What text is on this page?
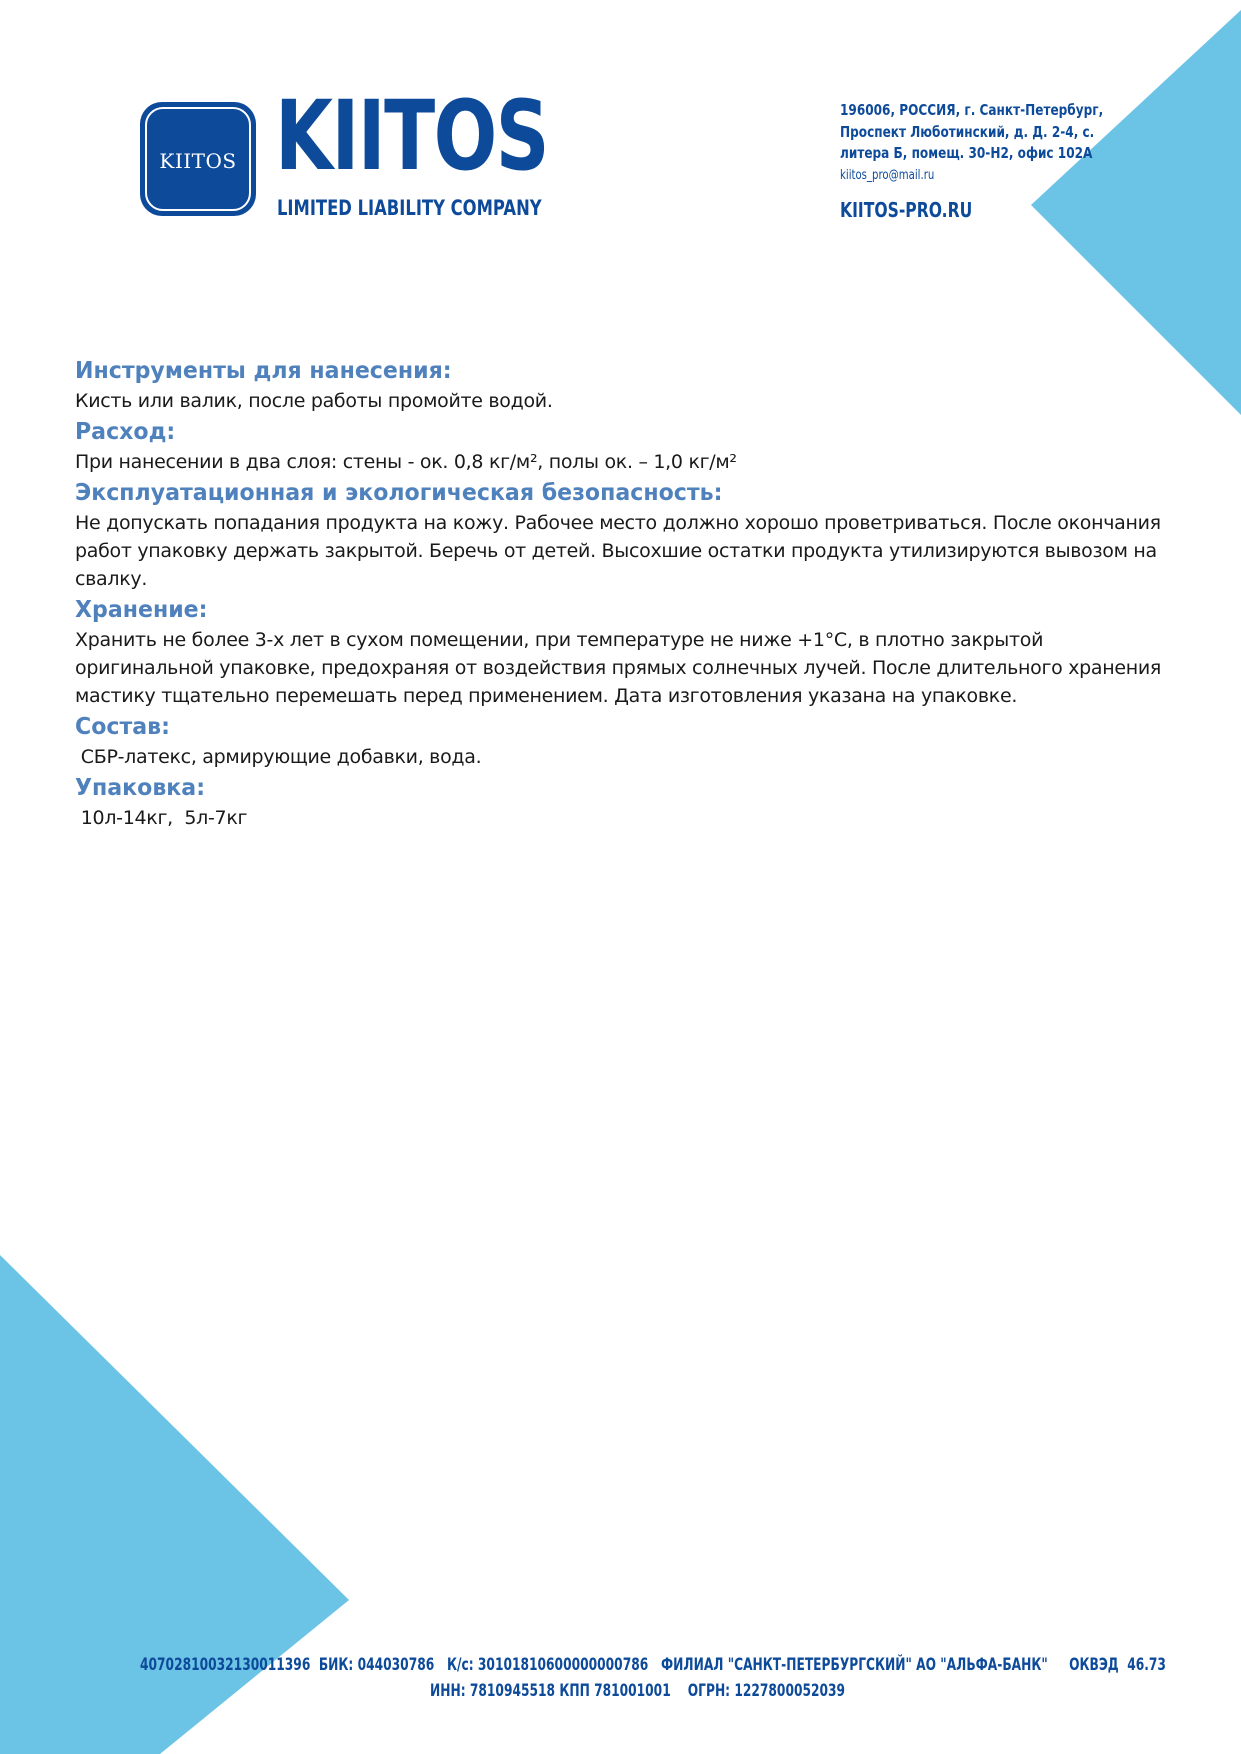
KIITOS KIITOS
LIMITED LIABILITY COMPANY
196006, РОССИЯ, г. Санкт-Петербург,
Проспект Люботинский, д. Д. 2-4, с.
литера Б, помещ. 30-Н2, офис 102А
kiitos_pro@mail.ru
KIITOS-PRO.RU
Инструменты для нанесения:

Кисть или валик, после работы промойте водой.

Расход:

При нанесении в два слоя: стены - ок. 0,8 кг/м², полы ок. – 1,0 кг/м²

Эксплуатационная и экологическая безопасность:

Не допускать попадания продукта на кожу. Рабочее место должно хорошо проветриваться. После окончания работ упаковку держать закрытой. Беречь от детей. Высохшие остатки продукта утилизируются вывозом на свалку.

Хранение:

Хранить не более 3-х лет в сухом помещении, при температуре не ниже +1°С, в плотно закрытой оригинальной упаковке, предохраняя от воздействия прямых солнечных лучей. После длительного хранения мастику тщательно перемешать перед применением. Дата изготовления указана на упаковке.

Состав:

СБР-латекс, армирующие добавки, вода.

Упаковка:

10л-14кг,  5л-7кг

40702810032130011396  БИК: 044030786   К/с: 30101810600000000786   ФИЛИАЛ "САНКТ-ПЕТЕРБУРГСКИЙ" АО "АЛЬФА-БАНК"     ОКВЭД  46.73
ИНН: 7810945518 КПП 781001001    ОГРН: 1227800052039
